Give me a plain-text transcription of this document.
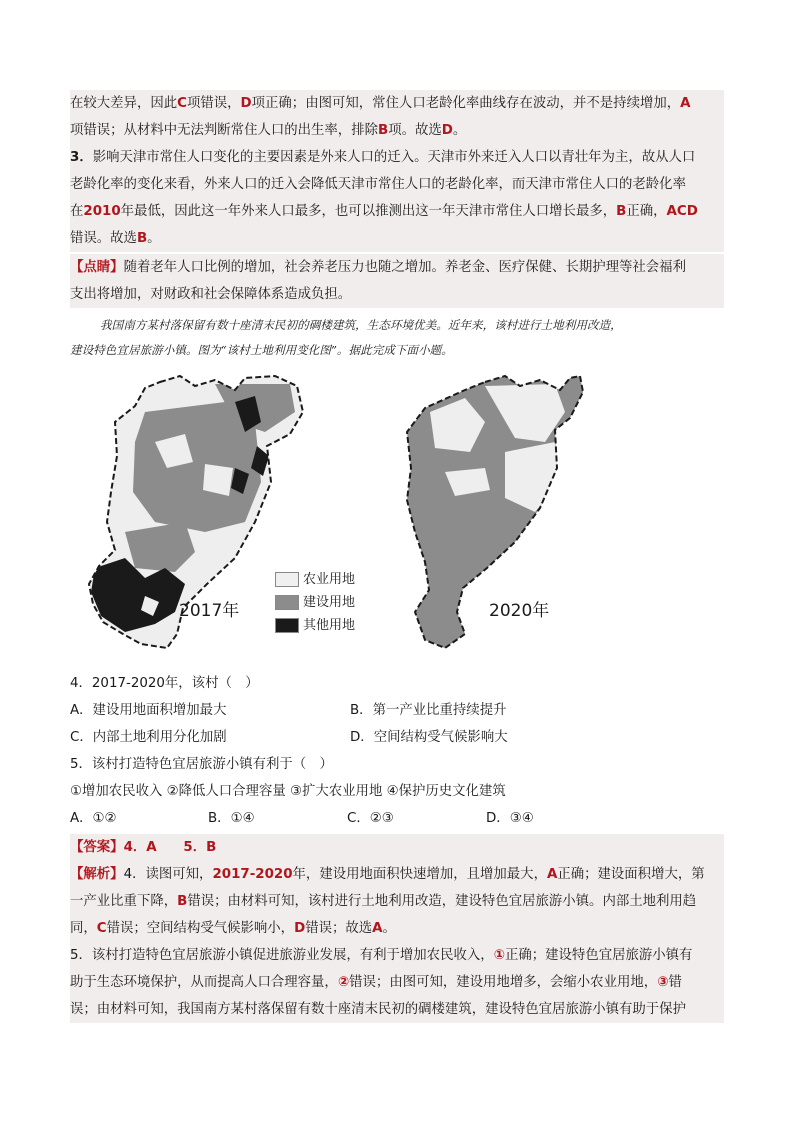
在较大差异，因此C项错误，D项正确；由图可知，常住人口老龄化率曲线存在波动，并不是持续增加，A
项错误；从材料中无法判断常住人口的出生率，排除B项。故选D。
3．影响天津市常住人口变化的主要因素是外来人口的迁入。天津市外来迁入人口以青壮年为主，故从人口
老龄化率的变化来看，外来人口的迁入会降低天津市常住人口的老龄化率，而天津市常住人口的老龄化率
在2010年最低，因此这一年外来人口最多，也可以推测出这一年天津市常住人口增长最多，B正确，ACD
错误。故选B。
【点睛】随着老年人口比例的增加，社会养老压力也随之增加。养老金、医疗保健、长期护理等社会福利
支出将增加，对财政和社会保障体系造成负担。
我国南方某村落保留有数十座清末民初的碉楼建筑，生态环境优美。近年来，该村进行土地利用改造，
建设特色宜居旅游小镇。图为“该村土地利用变化图”。据此完成下面小题。
2017年	2020年
农业用地
建设用地
其他用地
4．2017-2020年，该村（　）
A．建设用地面积增加最大	B．第一产业比重持续提升
C．内部土地利用分化加剧	D．空间结构受气候影响大
5．该村打造特色宜居旅游小镇有利于（　）
①增加农民收入 ②降低人口合理容量 ③扩大农业用地 ④保护历史文化建筑
A．①②	B．①④	C．②③	D．③④
【答案】4．A　　5．B
【解析】4．读图可知，2017-2020年，建设用地面积快速增加，且增加最大，A正确；建设面积增大，第
一产业比重下降，B错误；由材料可知，该村进行土地利用改造，建设特色宜居旅游小镇。内部土地利用趋
同，C错误；空间结构受气候影响小，D错误；故选A。
5．该村打造特色宜居旅游小镇促进旅游业发展，有利于增加农民收入，①正确；建设特色宜居旅游小镇有
助于生态环境保护，从而提高人口合理容量，②错误；由图可知，建设用地增多，会缩小农业用地，③错
误；由材料可知，我国南方某村落保留有数十座清末民初的碉楼建筑，建设特色宜居旅游小镇有助于保护
